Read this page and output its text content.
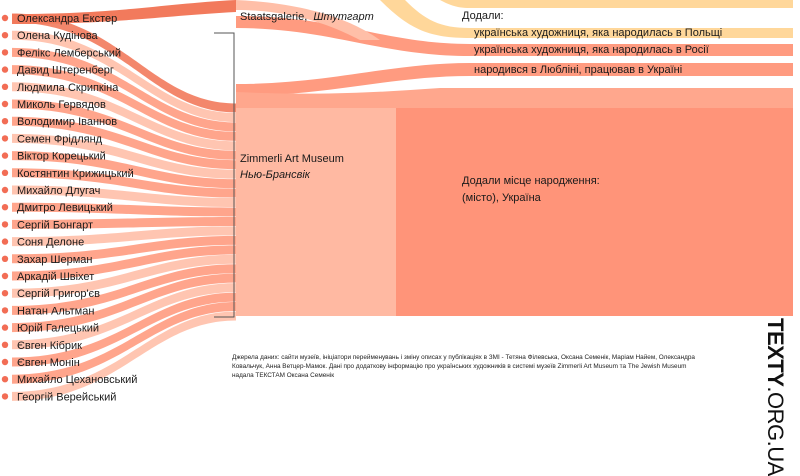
Олександра Екстер
Олена Кудінова
Фелікс Лемберський
Давид Штеренберг
Людмила Скрипкіна
Миколь Гервядов
Володимир Іваннов
Семен Фрідлянд
Віктор Корецький
Костянтин Крижицький
Михайло Длугач
Дмитро Левицький
Сергій Бонгарт
Соня Делоне
Захар Шерман
Аркадій Швіхет
Сергій Григор'єв
Натан Альтман
Юрій Галецький
Євген Кібрик
Євген Монін
Михайло Цехановський
Георгій Верейський
Staatsgalerie, Штутгарт
Zimmerli Art Museum
Нью-Брансвік
Додали:
українська художниця, яка народилась в Польщі
українська художниця, яка народилась в Росії
народився в Любліні, працював в Україні
Додали місце народження:
(місто), Україна
Джерела даних: сайти музеїв, ініціатори перейменувань і зміну описах у публікаціях в ЗМІ - Тетяна Філевська, Оксана Семенік, Маріам Найем, Олександра Ковальчук, Анна Ветцер-Мамок. Дані про додаткову інформацію про українських художників в системі музеїв Zimmerli Art Museum та The Jewish Museum надала ТЕКСТАМ Оксана Семенік	TEXTY.ORG.UA
